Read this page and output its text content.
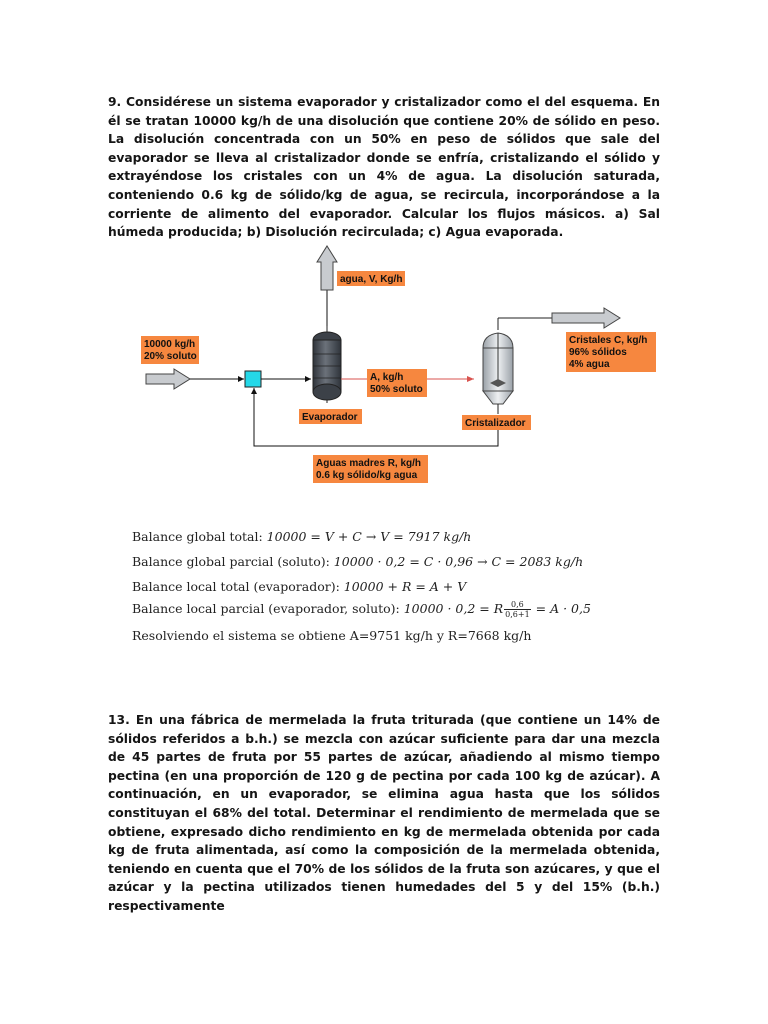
9. Considérese un sistema evaporador y cristalizador como el del esquema. En él se tratan 10000 kg/h de una disolución que contiene 20% de sólido en peso. La disolución concentrada con un 50% en peso de sólidos que sale del evaporador se lleva al cristalizador donde se enfría, cristalizando el sólido y extrayéndose los cristales con un 4% de agua. La disolución saturada, conteniendo 0.6 kg de sólido/kg de agua, se recircula, incorporándose a la corriente de alimento del evaporador. Calcular los flujos másicos. a) Sal húmeda producida; b) Disolución recirculada; c) Agua evaporada.

agua, V, Kg/h
10000 kg/h
20% soluto
Evaporador
A, kg/h
50% soluto
Cristales C, kg/h
96% sólidos
4% agua
Cristalizador
Aguas madres R, kg/h
0.6 kg sólido/kg agua
Balance global total: 10000 = V + C → V = 7917 kg/h
Balance global parcial (soluto): 10000 · 0,2 = C · 0,96 → C = 2083 kg/h
Balance local total (evaporador): 10000 + R = A + V
Balance local parcial (evaporador, soluto): 10000 · 0,2 = R $\frac{0,6}{0,6+1} = A \cdot 0,5$
Resolviendo el sistema se obtiene A=9751 kg/h y R=7668 kg/h

13. En una fábrica de mermelada la fruta triturada (que contiene un 14% de sólidos referidos a b.h.) se mezcla con azúcar suficiente para dar una mezcla de 45 partes de fruta por 55 partes de azúcar, añadiendo al mismo tiempo pectina (en una proporción de 120 g de pectina por cada 100 kg de azúcar). A continuación, en un evaporador, se elimina agua hasta que los sólidos constituyan el 68% del total. Determinar el rendimiento de mermelada que se obtiene, expresado dicho rendimiento en kg de mermelada obtenida por cada kg de fruta alimentada, así como la composición de la mermelada obtenida, teniendo en cuenta que el 70% de los sólidos de la fruta son azúcares, y que el azúcar y la pectina utilizados tienen humedades del 5 y del 15% (b.h.) respectivamente
